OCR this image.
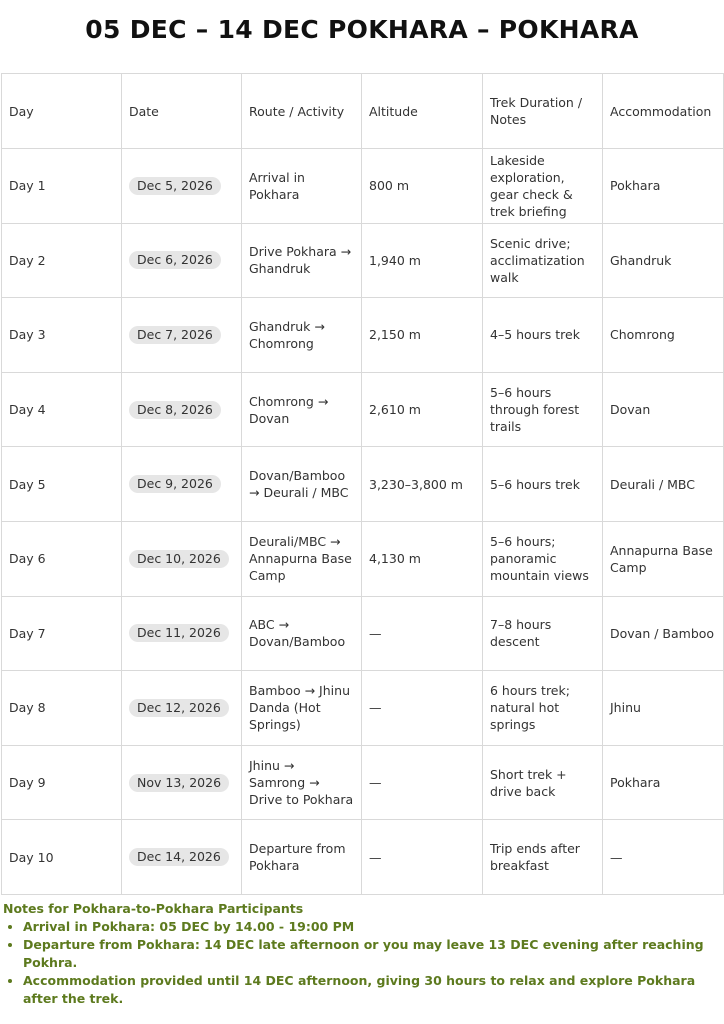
05 DEC – 14 DEC POKHARA – POKHARA
Day	Date	Route / Activity	Altitude	Trek Duration / Notes	Accommodation
Day 1	Dec 5, 2026	Arrival in Pokhara	800 m	Lakeside exploration, gear check & trek briefing	Pokhara
Day 2	Dec 6, 2026	Drive Pokhara → Ghandruk	1,940 m	Scenic drive; acclimatization walk	Ghandruk
Day 3	Dec 7, 2026	Ghandruk → Chomrong	2,150 m	4–5 hours trek	Chomrong
Day 4	Dec 8, 2026	Chomrong → Dovan	2,610 m	5–6 hours through forest trails	Dovan
Day 5	Dec 9, 2026	Dovan/Bamboo → Deurali / MBC	3,230–3,800 m	5–6 hours trek	Deurali / MBC
Day 6	Dec 10, 2026	Deurali/MBC → Annapurna Base Camp	4,130 m	5–6 hours; panoramic mountain views	Annapurna Base Camp
Day 7	Dec 11, 2026	ABC → Dovan/Bamboo	—	7–8 hours descent	Dovan / Bamboo
Day 8	Dec 12, 2026	Bamboo → Jhinu Danda (Hot Springs)	—	6 hours trek; natural hot springs	Jhinu
Day 9	Nov 13, 2026	Jhinu → Samrong → Drive to Pokhara	—	Short trek + drive back	Pokhara
Day 10	Dec 14, 2026	Departure from Pokhara	—	Trip ends after breakfast	—
Notes for Pokhara-to-Pokhara Participants
• Arrival in Pokhara: 05 DEC by 14.00 - 19:00 PM
• Departure from Pokhara: 14 DEC late afternoon or you may leave 13 DEC evening after reaching Pokhra.
• Accommodation provided until 14 DEC afternoon, giving 30 hours to relax and explore Pokhara after the trek.
